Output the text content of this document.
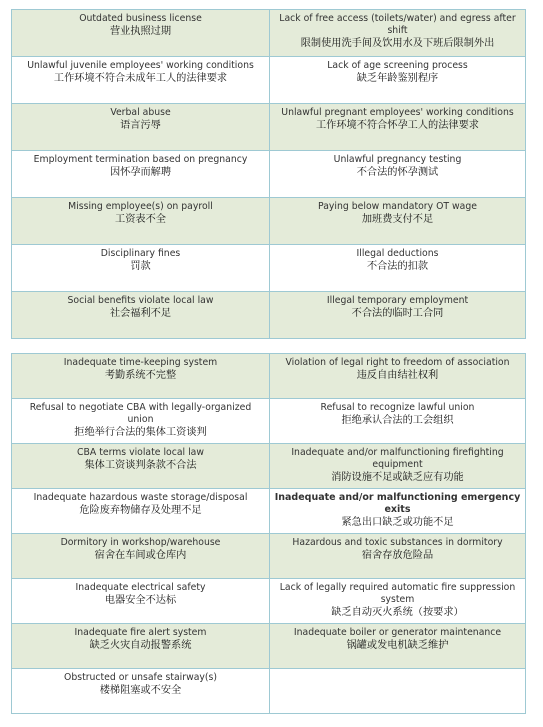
Outdated business license
营业执照过期
Lack of free access (toilets/water) and egress after shift
限制使用洗手间及饮用水及下班后限制外出
Unlawful juvenile employees' working conditions
工作环境不符合未成年工人的法律要求
Lack of age screening process
缺乏年龄鉴别程序
Verbal abuse
语言污辱
Unlawful pregnant employees' working conditions
工作环境不符合怀孕工人的法律要求
Employment termination based on pregnancy
因怀孕而解聘
Unlawful pregnancy testing
不合法的怀孕测试
Missing employee(s) on payroll
工资表不全
Paying below mandatory OT wage
加班费支付不足
Disciplinary fines
罚款
Illegal deductions
不合法的扣款
Social benefits violate local law
社会福利不足
Illegal temporary employment
不合法的临时工合同
Inadequate time-keeping system
考勤系统不完整
Violation of legal right to freedom of association
违反自由结社权利
Refusal to negotiate CBA with legally-organized union
拒绝举行合法的集体工资谈判
Refusal to recognize lawful union
拒绝承认合法的工会组织
CBA terms violate local law
集体工资谈判条款不合法
Inadequate and/or malfunctioning firefighting equipment
消防设施不足或缺乏应有功能
Inadequate hazardous waste storage/disposal
危险废弃物储存及处理不足
Inadequate and/or malfunctioning emergency exits
紧急出口缺乏或功能不足
Dormitory in workshop/warehouse
宿舍在车间或仓库内
Hazardous and toxic substances in dormitory
宿舍存放危险品
Inadequate electrical safety
电器安全不达标
Lack of legally required automatic fire suppression system
缺乏自动灭火系统（按要求）
Inadequate fire alert system
缺乏火灾自动报警系统
Inadequate boiler or generator maintenance
锅罐或发电机缺乏维护
Obstructed or unsafe stairway(s)
楼梯阻塞或不安全
